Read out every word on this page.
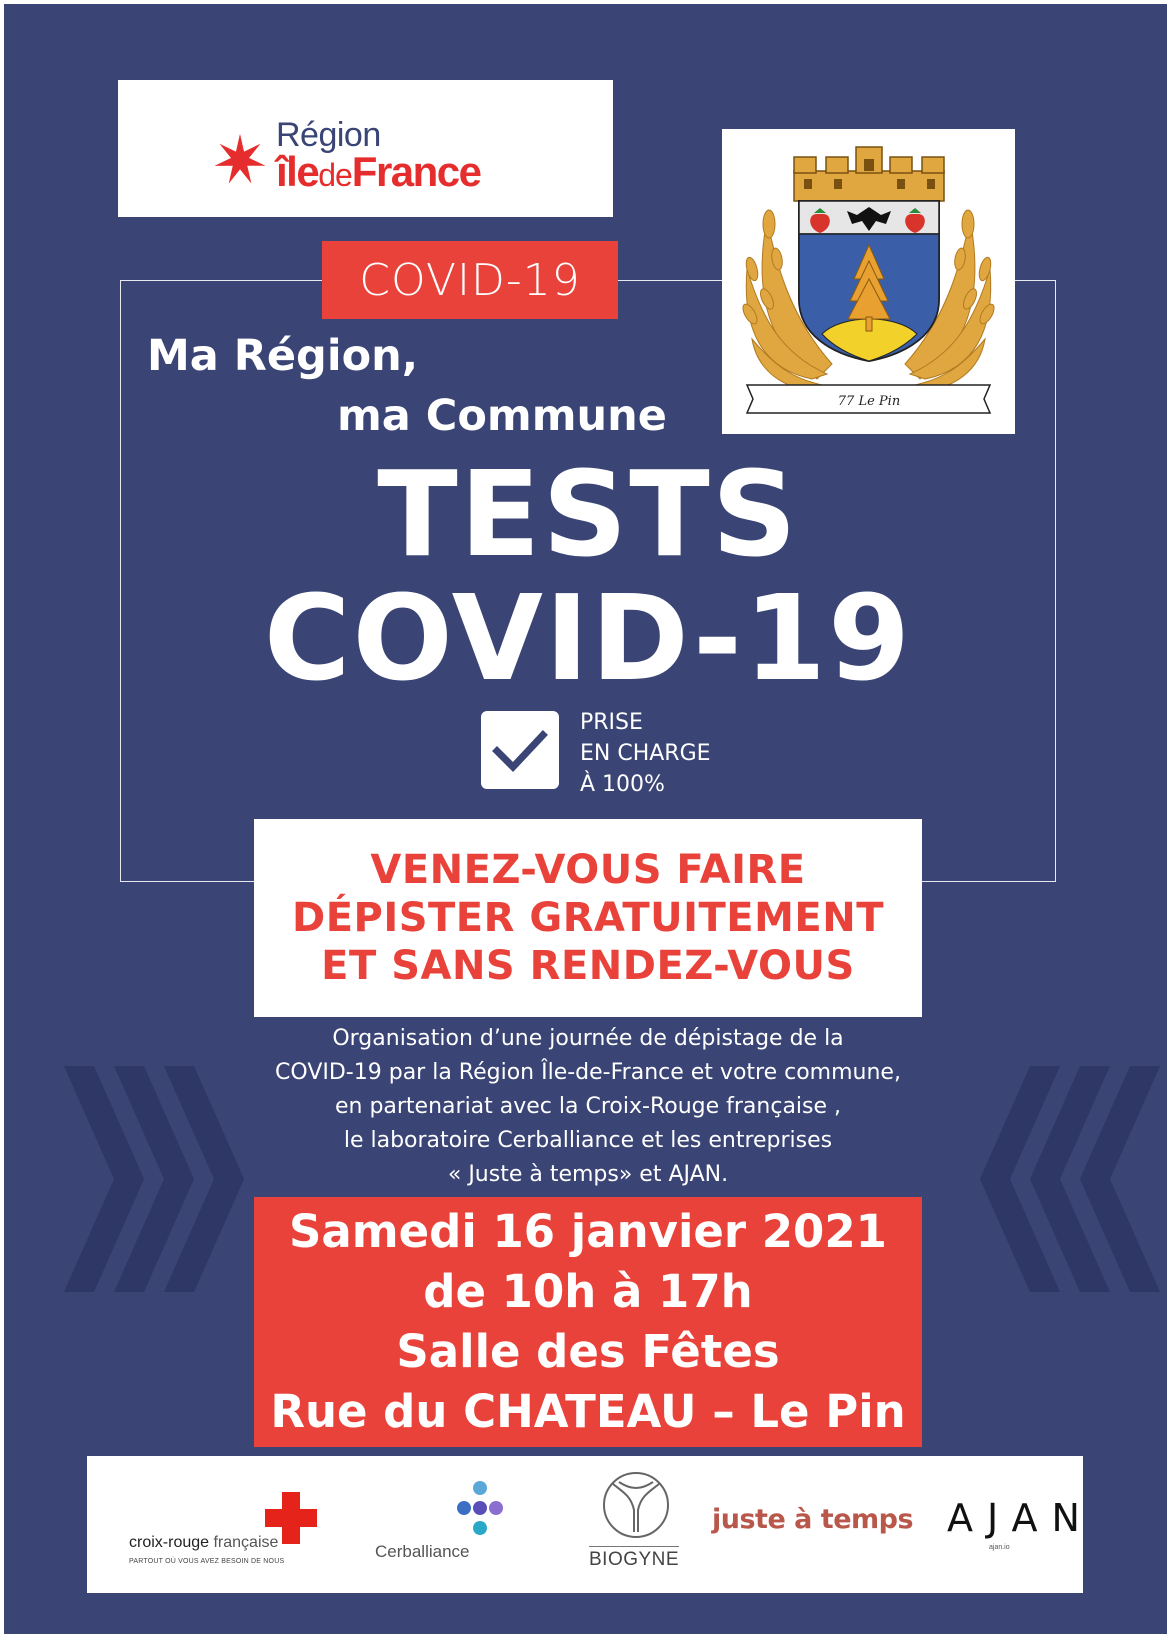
Région
îledeFrance
COVID-19
77 Le Pin
Ma Région,
ma Commune
TESTS
COVID-19
PRISE
EN CHARGE
À 100%
VENEZ-VOUS FAIRE
DÉPISTER GRATUITEMENT
ET SANS RENDEZ-VOUS
Organisation d’une journée de dépistage de la
COVID-19 par la Région Île-de-France et votre commune,
en partenariat avec la Croix-Rouge française ,
le laboratoire Cerballiance et les entreprises
« Juste à temps» et AJAN.
Samedi 16 janvier 2021
de 10h à 17h
Salle des Fêtes
Rue du CHATEAU – Le Pin
croix-rouge française
PARTOUT OÙ VOUS AVEZ BESOIN DE NOUS
Cerballiance	BIOGYNE
juste à temps AJAN
ajan.io
